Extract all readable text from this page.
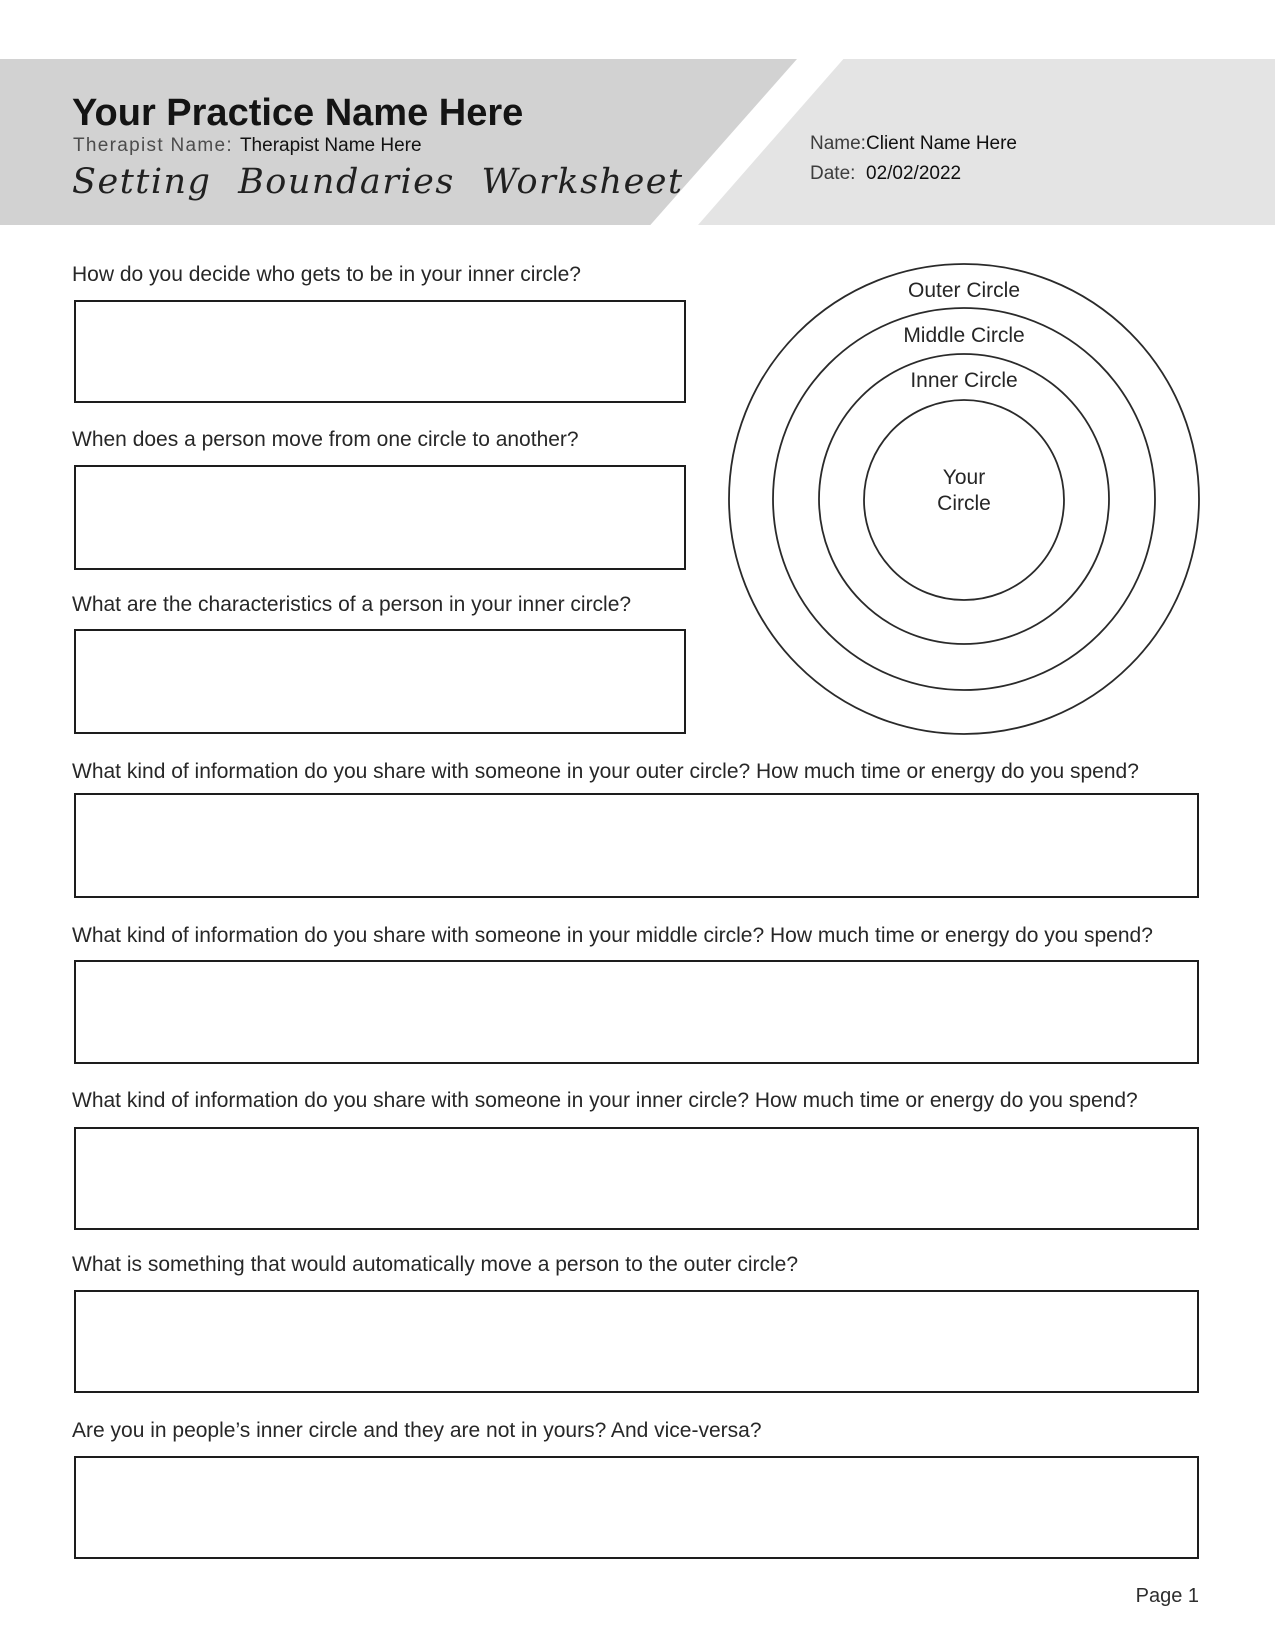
Your Practice Name Here
Therapist Name: Therapist Name Here
Setting Boundaries Worksheet
Name: Client Name Here
Date: 02/02/2022
Outer Circle
Middle Circle
Inner Circle
Your
Circle
How do you decide who gets to be in your inner circle?
When does a person move from one circle to another?
What are the characteristics of a person in your inner circle?
What kind of information do you share with someone in your outer circle? How much time or energy do you spend?
What kind of information do you share with someone in your middle circle? How much time or energy do you spend?
What kind of information do you share with someone in your inner circle? How much time or energy do you spend?
What is something that would automatically move a person to the outer circle?
Are you in people’s inner circle and they are not in yours? And vice-versa?
Page 1
